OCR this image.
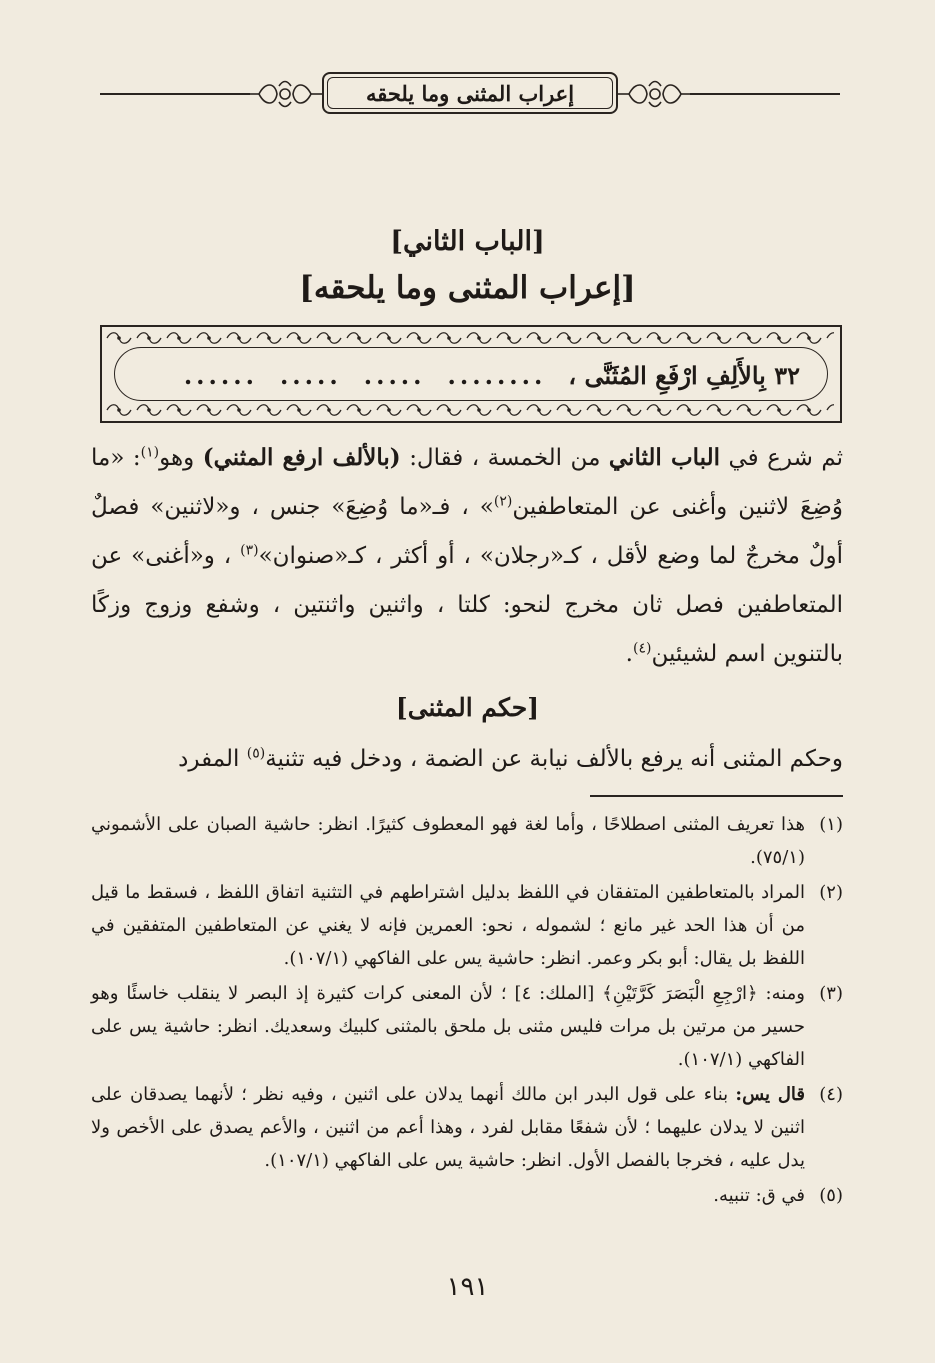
إعراب المثنى وما يلحقه
[الباب الثاني]
[إعراب المثنى وما يلحقه]
٣٢ بِالأَلِفِ ارْفَعِ المُثَنَّى ،
........
.....
.....
......

ثم شرع في الباب الثاني من الخمسة ، فقال: (بالألف ارفع المثني) وهو$^{(١)}$: «ما وُضِعَ لاثنين وأغنى عن المتعاطفين$^{(٢)}$» ، فـ«ما وُضِعَ» جنس ، و«لاثنين» فصلٌ أولٌ مخرجٌ لما وضع لأقل ، كـ«رجلان» ، أو أكثر ، كـ«صنوان»$^{(٣)}$ ، و«أغنى» عن المتعاطفين فصل ثان مخرج لنحو: كلتا ، واثنين واثنتين ، وشفع وزوج وزكًا بالتنوين اسم لشيئين$^{(٤)}$.

[حكم المثنى]
وحكم المثنى أنه يرفع بالألف نيابة عن الضمة ، ودخل فيه تثنية$^{(٥)}$ المفرد
(١)
هذا تعريف المثنى اصطلاحًا ، وأما لغة فهو المعطوف كثيرًا. انظر: حاشية الصبان على الأشموني (٧٥/١).
(٢)
المراد بالمتعاطفين المتفقان في اللفظ بدليل اشتراطهم في التثنية اتفاق اللفظ ، فسقط ما قيل من أن هذا الحد غير مانع ؛ لشموله ، نحو: العمرين فإنه لا يغني عن المتعاطفين المتفقين في اللفظ بل يقال: أبو بكر وعمر. انظر: حاشية يس على الفاكهي (١٠٧/١).
(٣)
ومنه: ﴿ارْجِعِ الْبَصَرَ كَرَّتَيْنِ﴾ [الملك: ٤] ؛ لأن المعنى كرات كثيرة إذ البصر لا ينقلب خاسئًا وهو حسير من مرتين بل مرات فليس مثنى بل ملحق بالمثنى كلبيك وسعديك. انظر: حاشية يس على الفاكهي (١٠٧/١).
(٤)
قال يس: بناء على قول البدر ابن مالك أنهما يدلان على اثنين ، وفيه نظر ؛ لأنهما يصدقان على اثنين لا يدلان عليهما ؛ لأن شفعًا مقابل لفرد ، وهذا أعم من اثنين ، والأعم يصدق على الأخص ولا يدل عليه ، فخرجا بالفصل الأول. انظر: حاشية يس على الفاكهي (١٠٧/١).
(٥)
في ق: تنبيه.
١٩١
